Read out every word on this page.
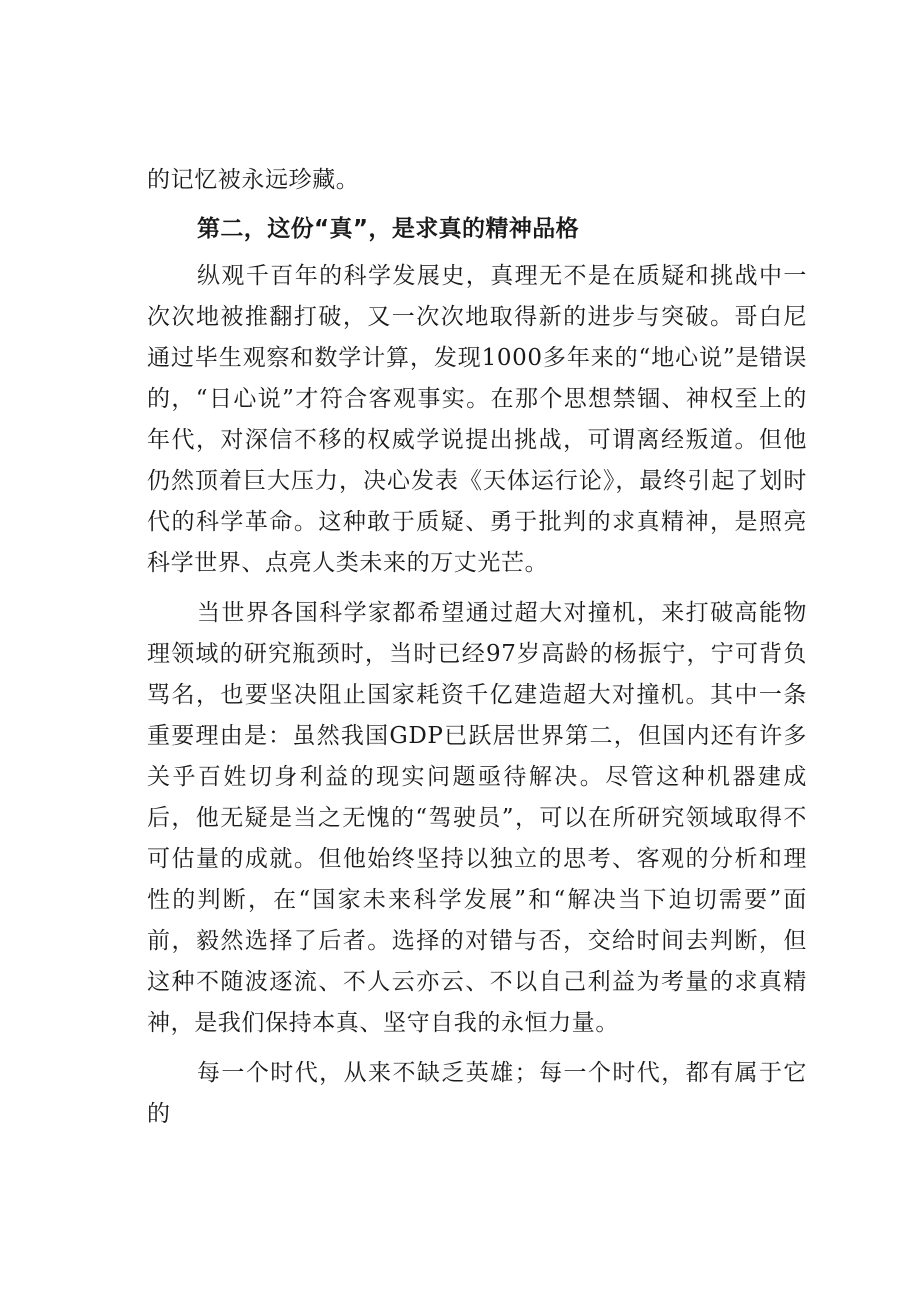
的记忆被永远珍藏。

第二，这份“真”，是求真的精神品格

纵观千百年的科学发展史，真理无不是在质疑和挑战中一次次地被推翻打破，又一次次地取得新的进步与突破。哥白尼通过毕生观察和数学计算，发现1000多年来的“地心说”是错误的，“日心说”才符合客观事实。在那个思想禁锢、神权至上的年代，对深信不移的权威学说提出挑战，可谓离经叛道。但他仍然顶着巨大压力，决心发表《天体运行论》，最终引起了划时代的科学革命。这种敢于质疑、勇于批判的求真精神，是照亮科学世界、点亮人类未来的万丈光芒。

当世界各国科学家都希望通过超大对撞机，来打破高能物理领域的研究瓶颈时，当时已经97岁高龄的杨振宁，宁可背负骂名，也要坚决阻止国家耗资千亿建造超大对撞机。其中一条重要理由是：虽然我国GDP已跃居世界第二，但国内还有许多关乎百姓切身利益的现实问题亟待解决。尽管这种机器建成后，他无疑是当之无愧的“驾驶员”，可以在所研究领域取得不可估量的成就。但他始终坚持以独立的思考、客观的分析和理性的判断，在“国家未来科学发展”和“解决当下迫切需要”面前，毅然选择了后者。选择的对错与否，交给时间去判断，但这种不随波逐流、不人云亦云、不以自己利益为考量的求真精神，是我们保持本真、坚守自我的永恒力量。

每一个时代，从来不缺乏英雄；每一个时代，都有属于它的
